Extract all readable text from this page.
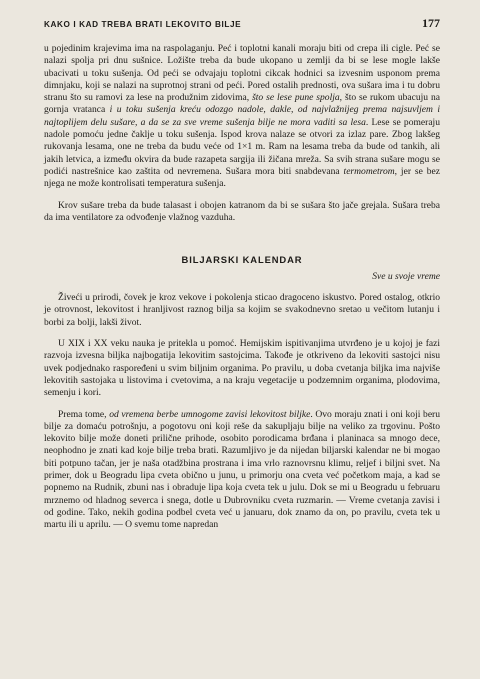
KAKO I KAD TREBA BRATI LEKOVITO BILJE	177

u pojedinim krajevima ima na raspolaganju. Peć i toplotni kanali moraju biti od crepa ili cigle. Peć se nalazi spolja pri dnu sušnice. Ložište treba da bude ukopano u zemlji da bi se lese mogle lakše ubacivati u toku sušenja. Od peći se odvajaju toplotni cikcak hodnici sa izvesnim usponom prema dimnjaku, koji se nalazi na suprotnoj strani od peći. Pored ostalih prednosti, ova sušara ima i tu dobru stranu što su ramovi za lese na produžnim zidovima, što se lese pune spolja, što se rukom ubacuju na gornja vratanca i u toku sušenja kreću odozgo nadole, dakle, od najvlažnijeg prema najsuvljem i najtoplijem delu sušare, a da se za sve vreme sušenja bilje ne mora vaditi sa lesa. Lese se pomeraju nadole pomoću jedne čaklje u toku sušenja. Ispod krova nalaze se otvori za izlaz pare. Zbog lakšeg rukovanja lesama, one ne treba da budu veće od 1×1 m. Ram na lesama treba da bude od tankih, ali jakih letvica, a između okvira da bude razapeta sargija ili žičana mreža. Sa svih strana sušare mogu se podići nastrešnice kao zaštita od nevremena. Sušara mora biti snabdevana termometrom, jer se bez njega ne može kontrolisati temperatura sušenja.

Krov sušare treba da bude talasast i obojen katranom da bi se sušara što jače grejala. Sušara treba da ima ventilatore za odvođenje vlažnog vazduha.

BILJARSKI KALENDAR
Sve u svoje vreme

Živeći u prirodi, čovek je kroz vekove i pokolenja sticao dragoceno iskustvo. Pored ostalog, otkrio je otrovnost, lekovitost i hranljivost raznog bilja sa kojim se svakodnevno sretao u večitom lutanju i borbi za bolji, lakši život.

U XIX i XX veku nauka je pritekla u pomoć. Hemijskim ispitivanjima utvrđeno je u kojoj je fazi razvoja izvesna biljka najbogatija lekovitim sastojcima. Takođe je otkriveno da lekoviti sastojci nisu uvek podjednako raspoređeni u svim biljnim organima. Po pravilu, u doba cvetanja biljka ima najviše lekovitih sastojaka u listovima i cvetovima, a na kraju vegetacije u podzemnim organima, plodovima, semenju i kori.

Prema tome, od vremena berbe umnogome zavisi lekovitost biljke. Ovo moraju znati i oni koji beru bilje za domaću potrošnju, a pogotovu oni koji reše da sakupljaju bilje na veliko za trgovinu. Pošto lekovito bilje može doneti prilične prihode, osobito porodicama brđana i planinaca sa mnogo dece, neophodno je znati kad koje bilje treba brati. Razumljivo je da nijedan biljarski kalendar ne bi mogao biti potpuno tačan, jer je naša otadžbina prostrana i ima vrlo raznovrsnu klimu, reljef i biljni svet. Na primer, dok u Beogradu lipa cveta obično u junu, u primorju ona cveta već početkom maja, a kad se popnemo na Rudnik, zbuni nas i obradujе lipa koja cveta tek u julu. Dok se mi u Beogradu u februaru mrznemo od hladnog severca i snega, dotle u Dubrovniku cveta ruzmarin. — Vreme cvetanja zavisi i od godine. Tako, nekih godina podbel cveta već u januaru, dok znamo da on, po pravilu, cveta tek u martu ili u aprilu. — O svemu tome napredan
